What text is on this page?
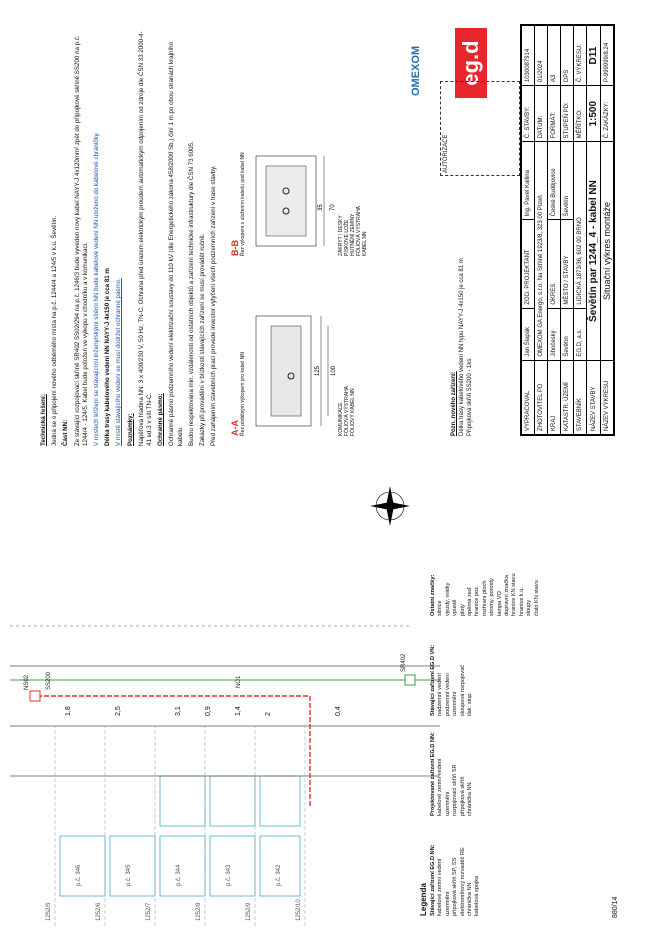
1,8	2,5	3,1	0,9	1,4	2	0,4
NS02	SS200
SR402
NO1
1252/5	1252/6	1252/7	1252/8	1252/9	1252/10
p.č. 346	p.č. 345	p.č. 344	p.č. 343	p.č. 342

Technická řešení: Jedná se o připojení nového odběrného místa na p.č. 1244/4 a 124/5 v k.ú. Ševětín. Část NN: Ze stávající rozpojovací skříně SR402 SS02/294 na p.č. 1246/3 bude vyveden nový kabel NAYY-J 4x120mm² zpět do přípojkové skříně SS200 na p.č. 1244/4 - 124/5. Kabel bude položen ve výkopu v chodníku a v komunikaci. V místech křížení se stávajícími inženýrskými sítěmi NN bude kabelové vedení NN uloženo do kabelové chráničky. Délka trasy kabelového vedení NN NAYY-J 4x150 je cca 81 m V místě stávajícího vedení se musí dodržet ochranné pásmo. Poznámky: Napěťová hladina NN: 3 x 400/230 V, 50 Hz, TN-C. Ochrana před úrazem elektrickým proudem automatickým odpojením od zdroje dle ČSN 33 2000-4-41 ed.3 v síti TN-C. Ochranné pásmo: Ochranné pásmo podzemního vedení elektrizační soustavy do 110 kV (dle Energetického zákona 458/2000 Sb.) činí 1 m po obou stranách krajního kabelu. Budou respektována min. vzdálenosti od ostatních objektů a zařízení technické infrastruktury dle ČSN 73 6005. Zakázky při provádění v blízkosti stávajících zařízení se musí provádět ručně. Před zahájením stavebních prací provede investor vytyčení všech podzemních zařízení v trase stavby. A-A Řez podélným výkopem pro kabel NN	125 100
KOMUNIKACE FÓLIOVÁ VÝSTRAHA FÓLIOVÝ KABEL NN
B-B Řez výkopem s uložením kabelu pod kabel NN	35 70
ZÁKRYT / DESKY PÍSKOVÉ LOŽE HUTNĚNÍ ZEMINY FÓLIOVÁ VÝSTRAHA KABEL NN
Pozn. nového zařízení: Délka trasy kabelového vedení NN typu NAYY-J 4x150 je cca 81 m Přípojková skříň SS200 - 1ks
Legenda Stávající zařízení EG.D NN: kabelové zemní vedení uzemnění přípojková skříň SP, SS elektroměrový rozvaděč RE chránička NN kabelová spojka
Projektované zařízení EG.D NN: kabelové zemní vedení uzemnění rozpojovací skříň SR přípojková skříň chránička NN
Stávající zařízení EG.D VN: nadzemní vedení podzemní vedení uzemnění sloupová rozpojovač tlak. stup.
Ostatní značky: silnice vjezdy, vrátky vpustě ploty opěrná zeď hranice poz. rozhraní ploch stromy, porosty lampa VO dopravní značka hranice KN stavu hranice k.ú. sloupy číslo KN stavu
880/14
OMEXOM	eg.d
AUTORIZACE
VYPRACOVAL	Jan Šlapák	ZOD. PROJEKTANT	Ing. Pavel Kallina	Č. STAVBY:	1030087914
ZHOTOVITEL PD	OMEXOM GA Energo, s.r.o. Na Střílně 1923/8, 323 00 Plzeň			DATUM:	01/2024
KRAJ	Jihočeský	OKRES	České Budějovice	FORMÁT:	A3
KATASTR. ÚZEMÍ	Ševětín	MĚSTO / STAVBY	Ševětín	STUPEŇ PD:	DPS
STAVEBNÍK	EG.D, a.s.	LIDICKÁ 1873/36, 602 00 BRNO		MĚŘÍTKO:	Č. VÝKRESU:
NÁZEV STAVBY	Ševětín par 1244_4 - kabel NN			1:500	D11
NÁZEV VÝKRESU	Situační výkres montáže			Č. ZAKÁZKY:	P-999999/8.24
